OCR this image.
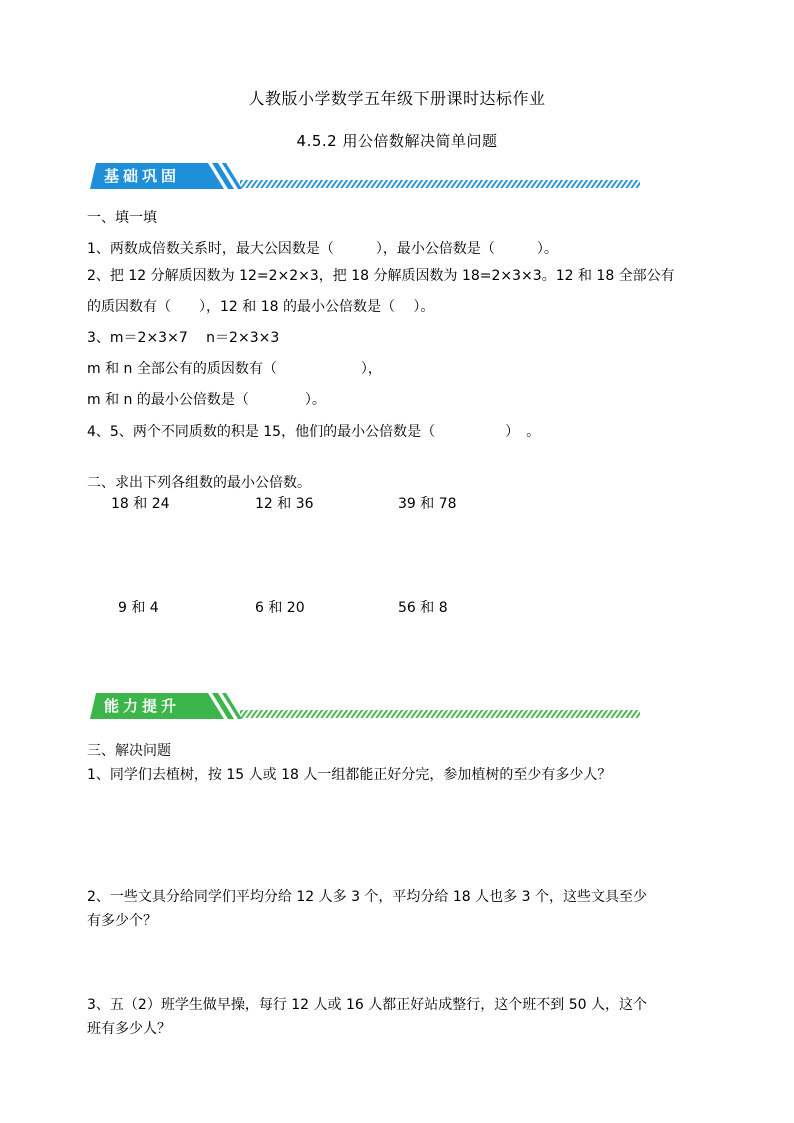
人教版小学数学五年级下册课时达标作业
4.5.2 用公倍数解决简单问题
基础巩固
一、填一填
1、两数成倍数关系时，最大公因数是（　　　），最小公倍数是（　　　）。
2、把 12 分解质因数为 12=2×2×3，把 18 分解质因数为 18=2×3×3。12 和 18 全部公有
的质因数有（　　），12 和 18 的最小公倍数是（　 ）。
3、m＝2×3×7　 n＝2×3×3
m 和 n 全部公有的质因数有（　　　　　　），
m 和 n 的最小公倍数是（　　　　）。
4、5、两个不同质数的积是 15，他们的最小公倍数是（　　　　　）　。
二、求出下列各组数的最小公倍数。
18 和 24	12 和 36	39 和 78
9 和 4	6 和 20	56 和 8
能力提升
三、解决问题
1、同学们去植树，按 15 人或 18 人一组都能正好分完，参加植树的至少有多少人？
2、一些文具分给同学们平均分给 12 人多 3 个，平均分给 18 人也多 3 个，这些文具至少
有多少个？
3、五（2）班学生做早操，每行 12 人或 16 人都正好站成整行，这个班不到 50 人，这个
班有多少人？
